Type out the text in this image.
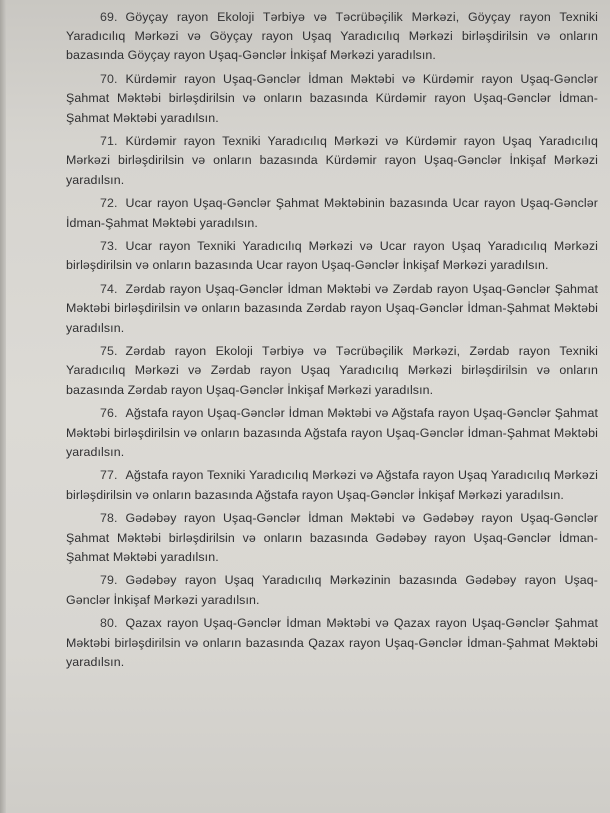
69. Göyçay rayon Ekoloji Tərbiyə və Təcrübəçilik Mərkəzi, Göyçay rayon Texniki Yaradıcılıq Mərkəzi və Göyçay rayon Uşaq Yaradıcılıq Mərkəzi birləşdirilsin və onların bazasında Göyçay rayon Uşaq-Gənclər İnkişaf Mərkəzi yaradılsın.

70. Kürdəmir rayon Uşaq-Gənclər İdman Məktəbi və Kürdəmir rayon Uşaq-Gənclər Şahmat Məktəbi birləşdirilsin və onların bazasında Kürdəmir rayon Uşaq-Gənclər İdman-Şahmat Məktəbi yaradılsın.

71. Kürdəmir rayon Texniki Yaradıcılıq Mərkəzi və Kürdəmir rayon Uşaq Yaradıcılıq Mərkəzi birləşdirilsin və onların bazasında Kürdəmir rayon Uşaq-Gənclər İnkişaf Mərkəzi yaradılsın.

72. Ucar rayon Uşaq-Gənclər Şahmat Məktəbinin bazasında Ucar rayon Uşaq-Gənclər İdman-Şahmat Məktəbi yaradılsın.

73. Ucar rayon Texniki Yaradıcılıq Mərkəzi və Ucar rayon Uşaq Yaradıcılıq Mərkəzi birləşdirilsin və onların bazasında Ucar rayon Uşaq-Gənclər İnkişaf Mərkəzi yaradılsın.

74. Zərdab rayon Uşaq-Gənclər İdman Məktəbi və Zərdab rayon Uşaq-Gənclər Şahmat Məktəbi birləşdirilsin və onların bazasında Zərdab rayon Uşaq-Gənclər İdman-Şahmat Məktəbi yaradılsın.

75. Zərdab rayon Ekoloji Tərbiyə və Təcrübəçilik Mərkəzi, Zərdab rayon Texniki Yaradıcılıq Mərkəzi və Zərdab rayon Uşaq Yaradıcılıq Mərkəzi birləşdirilsin və onların bazasında Zərdab rayon Uşaq-Gənclər İnkişaf Mərkəzi yaradılsın.

76. Ağstafa rayon Uşaq-Gənclər İdman Məktəbi və Ağstafa rayon Uşaq-Gənclər Şahmat Məktəbi birləşdirilsin və onların bazasında Ağstafa rayon Uşaq-Gənclər İdman-Şahmat Məktəbi yaradılsın.

77. Ağstafa rayon Texniki Yaradıcılıq Mərkəzi və Ağstafa rayon Uşaq Yaradıcılıq Mərkəzi birləşdirilsin və onların bazasında Ağstafa rayon Uşaq-Gənclər İnkişaf Mərkəzi yaradılsın.

78. Gədəbəy rayon Uşaq-Gənclər İdman Məktəbi və Gədəbəy rayon Uşaq-Gənclər Şahmat Məktəbi birləşdirilsin və onların bazasında Gədəbəy rayon Uşaq-Gənclər İdman-Şahmat Məktəbi yaradılsın.

79. Gədəbəy rayon Uşaq Yaradıcılıq Mərkəzinin bazasında Gədəbəy rayon Uşaq-Gənclər İnkişaf Mərkəzi yaradılsın.

80. Qazax rayon Uşaq-Gənclər İdman Məktəbi və Qazax rayon Uşaq-Gənclər Şahmat Məktəbi birləşdirilsin və onların bazasında Qazax rayon Uşaq-Gənclər İdman-Şahmat Məktəbi yaradılsın.
